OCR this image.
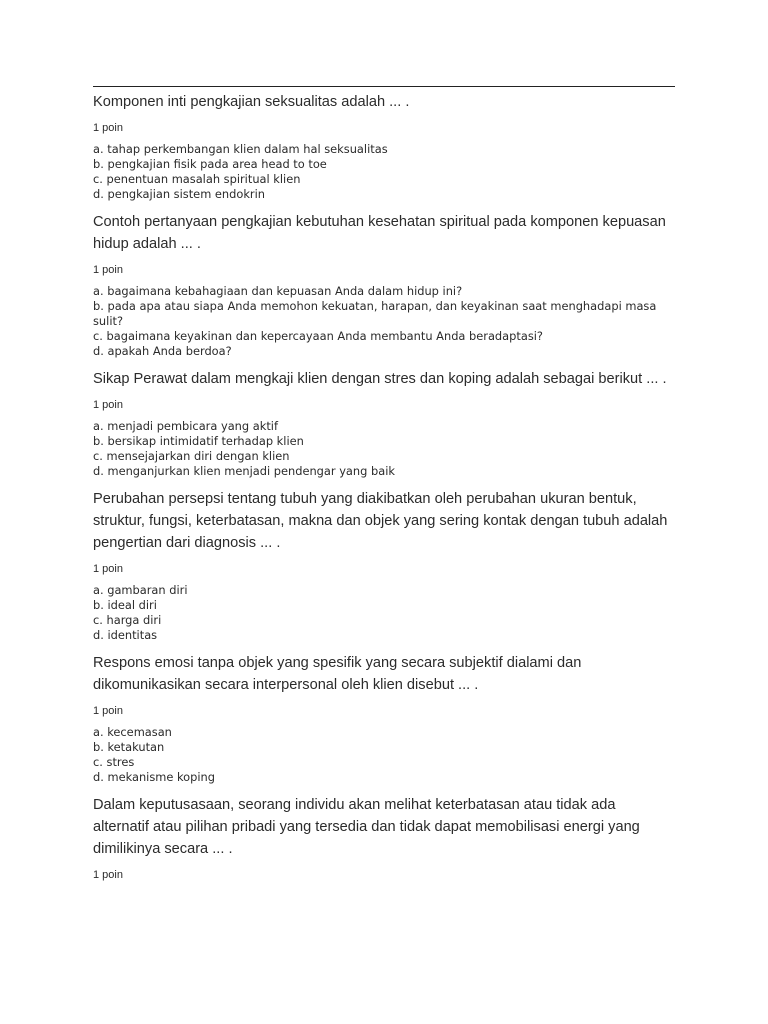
Komponen inti pengkajian seksualitas adalah ... .

1 poin
a. tahap perkembangan klien dalam hal seksualitas
b. pengkajian fisik pada area head to toe
c. penentuan masalah spiritual klien
d. pengkajian sistem endokrin

Contoh pertanyaan pengkajian kebutuhan kesehatan spiritual pada komponen kepuasan hidup adalah ... .

1 poin
a. bagaimana kebahagiaan dan kepuasan Anda dalam hidup ini?
b. pada apa atau siapa Anda memohon kekuatan, harapan, dan keyakinan saat menghadapi masa sulit?
c. bagaimana keyakinan dan kepercayaan Anda membantu Anda beradaptasi?
d. apakah Anda berdoa?

Sikap Perawat dalam mengkaji klien dengan stres dan koping adalah sebagai berikut ... .

1 poin
a. menjadi pembicara yang aktif
b. bersikap intimidatif terhadap klien
c. mensejajarkan diri dengan klien
d. menganjurkan klien menjadi pendengar yang baik

Perubahan persepsi tentang tubuh yang diakibatkan oleh perubahan ukuran bentuk, struktur, fungsi, keterbatasan, makna dan objek yang sering kontak dengan tubuh adalah pengertian dari diagnosis ... .

1 poin
a. gambaran diri
b. ideal diri
c. harga diri
d. identitas

Respons emosi tanpa objek yang spesifik yang secara subjektif dialami dan dikomunikasikan secara interpersonal oleh klien disebut ... .

1 poin
a. kecemasan
b. ketakutan
c. stres
d. mekanisme koping

Dalam keputusasaan, seorang individu akan melihat keterbatasan atau tidak ada alternatif atau pilihan pribadi yang tersedia dan tidak dapat memobilisasi energi yang dimilikinya secara ... .

1 poin
